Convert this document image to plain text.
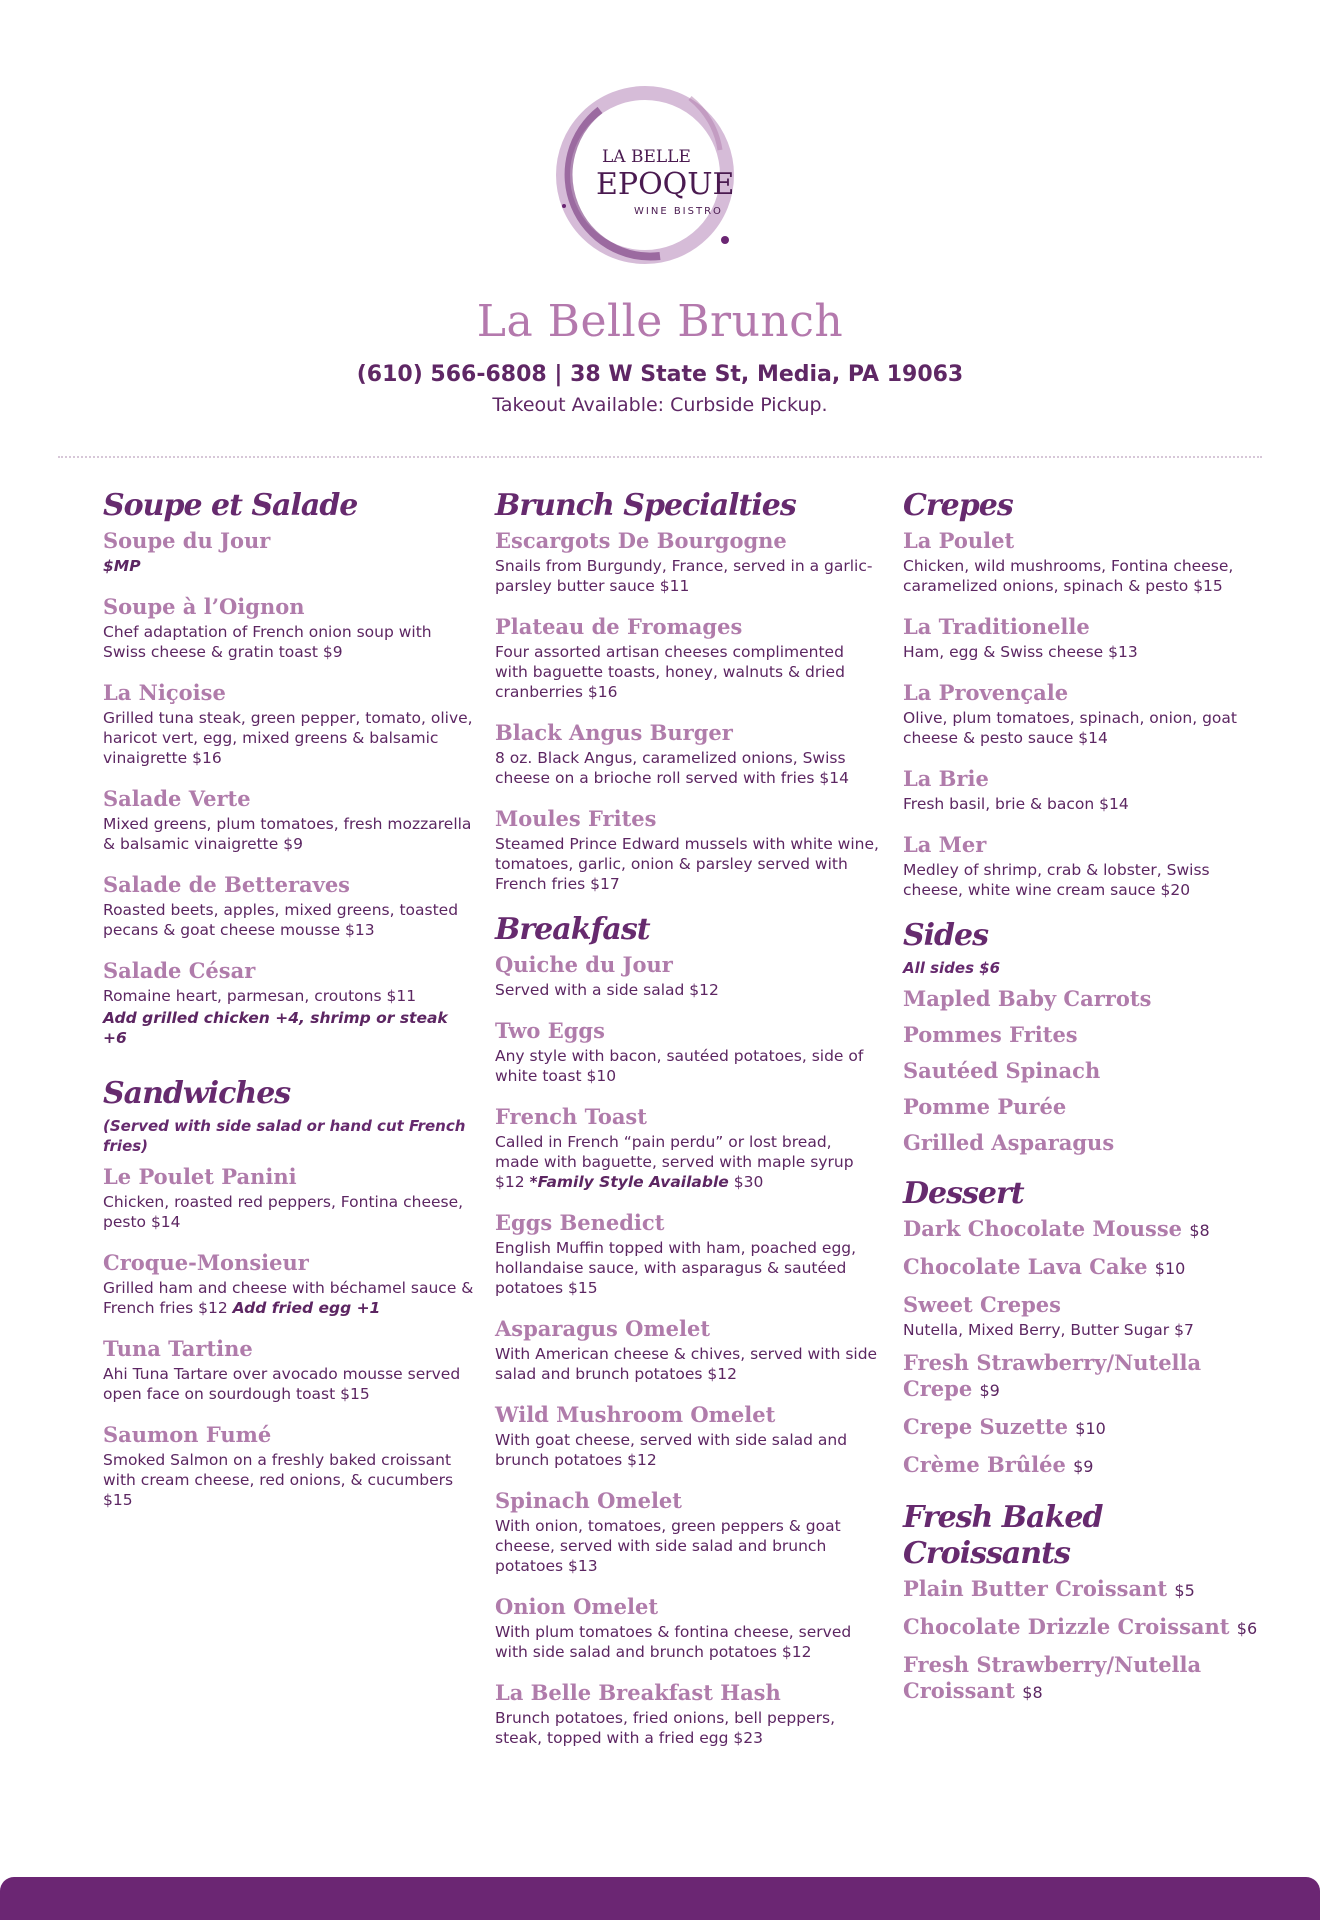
LA BELLE
EPOQUE
WINE BISTRO
La Belle Brunch
(610) 566-6808 | 38 W State St, Media, PA 19063
Takeout Available: Curbside Pickup.
Soupe et Salade
Soupe du Jour
$MP
Soupe à l’Oignon
Chef adaptation of French onion soup with Swiss cheese & gratin toast $9
La Niçoise
Grilled tuna steak, green pepper, tomato, olive, haricot vert, egg, mixed greens & balsamic vinaigrette $16
Salade Verte
Mixed greens, plum tomatoes, fresh mozzarella & balsamic vinaigrette $9
Salade de Betteraves
Roasted beets, apples, mixed greens, toasted pecans & goat cheese mousse $13
Salade César
Romaine heart, parmesan, croutons $11
Add grilled chicken +4, shrimp or steak +6
Sandwiches
(Served with side salad or hand cut French fries)
Le Poulet Panini
Chicken, roasted red peppers, Fontina cheese, pesto $14
Croque-Monsieur
Grilled ham and cheese with béchamel sauce & French fries $12 Add fried egg +1
Tuna Tartine
Ahi Tuna Tartare over avocado mousse served open face on sourdough toast $15
Saumon Fumé
Smoked Salmon on a freshly baked croissant with cream cheese, red onions, & cucumbers $15
Brunch Specialties
Escargots De Bourgogne
Snails from Burgundy, France, served in a garlic-parsley butter sauce $11
Plateau de Fromages
Four assorted artisan cheeses complimented with baguette toasts, honey, walnuts & dried cranberries $16
Black Angus Burger
8 oz. Black Angus, caramelized onions, Swiss cheese on a brioche roll served with fries $14
Moules Frites
Steamed Prince Edward mussels with white wine, tomatoes, garlic, onion & parsley served with French fries $17
Breakfast
Quiche du Jour
Served with a side salad $12
Two Eggs
Any style with bacon, sautéed potatoes, side of white toast $10
French Toast
Called in French “pain perdu” or lost bread, made with baguette, served with maple syrup $12 *Family Style Available $30
Eggs Benedict
English Muffin topped with ham, poached egg, hollandaise sauce, with asparagus & sautéed potatoes $15
Asparagus Omelet
With American cheese & chives, served with side salad and brunch potatoes $12
Wild Mushroom Omelet
With goat cheese, served with side salad and brunch potatoes $12
Spinach Omelet
With onion, tomatoes, green peppers & goat cheese, served with side salad and brunch potatoes $13
Onion Omelet
With plum tomatoes & fontina cheese, served with side salad and brunch potatoes $12
La Belle Breakfast Hash
Brunch potatoes, fried onions, bell peppers, steak, topped with a fried egg $23
Crepes
La Poulet
Chicken, wild mushrooms, Fontina cheese, caramelized onions, spinach & pesto $15
La Traditionelle
Ham, egg & Swiss cheese $13
La Provençale
Olive, plum tomatoes, spinach, onion, goat cheese & pesto sauce $14
La Brie
Fresh basil, brie & bacon $14
La Mer
Medley of shrimp, crab & lobster, Swiss cheese, white wine cream sauce $20
Sides
All sides $6
Mapled Baby Carrots
Pommes Frites
Sautéed Spinach
Pomme Purée
Grilled Asparagus
Dessert
Dark Chocolate Mousse $8
Chocolate Lava Cake $10
Sweet Crepes
Nutella, Mixed Berry, Butter Sugar $7
Fresh Strawberry/Nutella Crepe $9
Crepe Suzette $10
Crème Brûlée $9
Fresh Baked Croissants
Plain Butter Croissant $5
Chocolate Drizzle Croissant $6
Fresh Strawberry/Nutella Croissant $8
